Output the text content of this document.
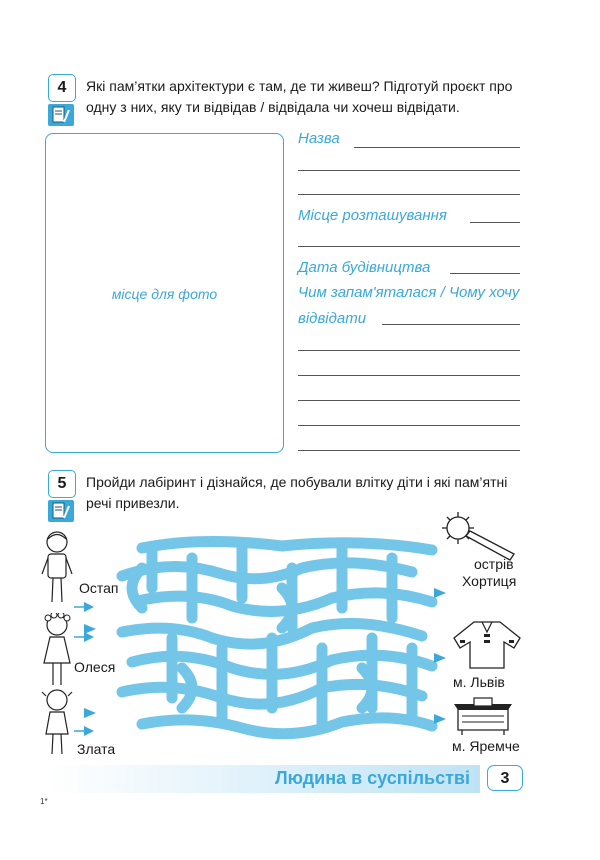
4	Які пам’ятки архітектури є там, де ти живеш? Підготуй проєкт про одну з них, яку ти відвідав / відвідала чи хочеш відвідати.
місце для фото
Назва
Місце розташування
Дата будівництва
Чим запам'яталася / Чому хочу
відвідати
5	Пройди лабіринт і дізнайся, де побували влітку діти і які пам’ятні речі привезли.
Остап
Олеся
Злата
острів
Хортиця
м. Львів
м. Яремче
Людина в суспільстві	3
1*
